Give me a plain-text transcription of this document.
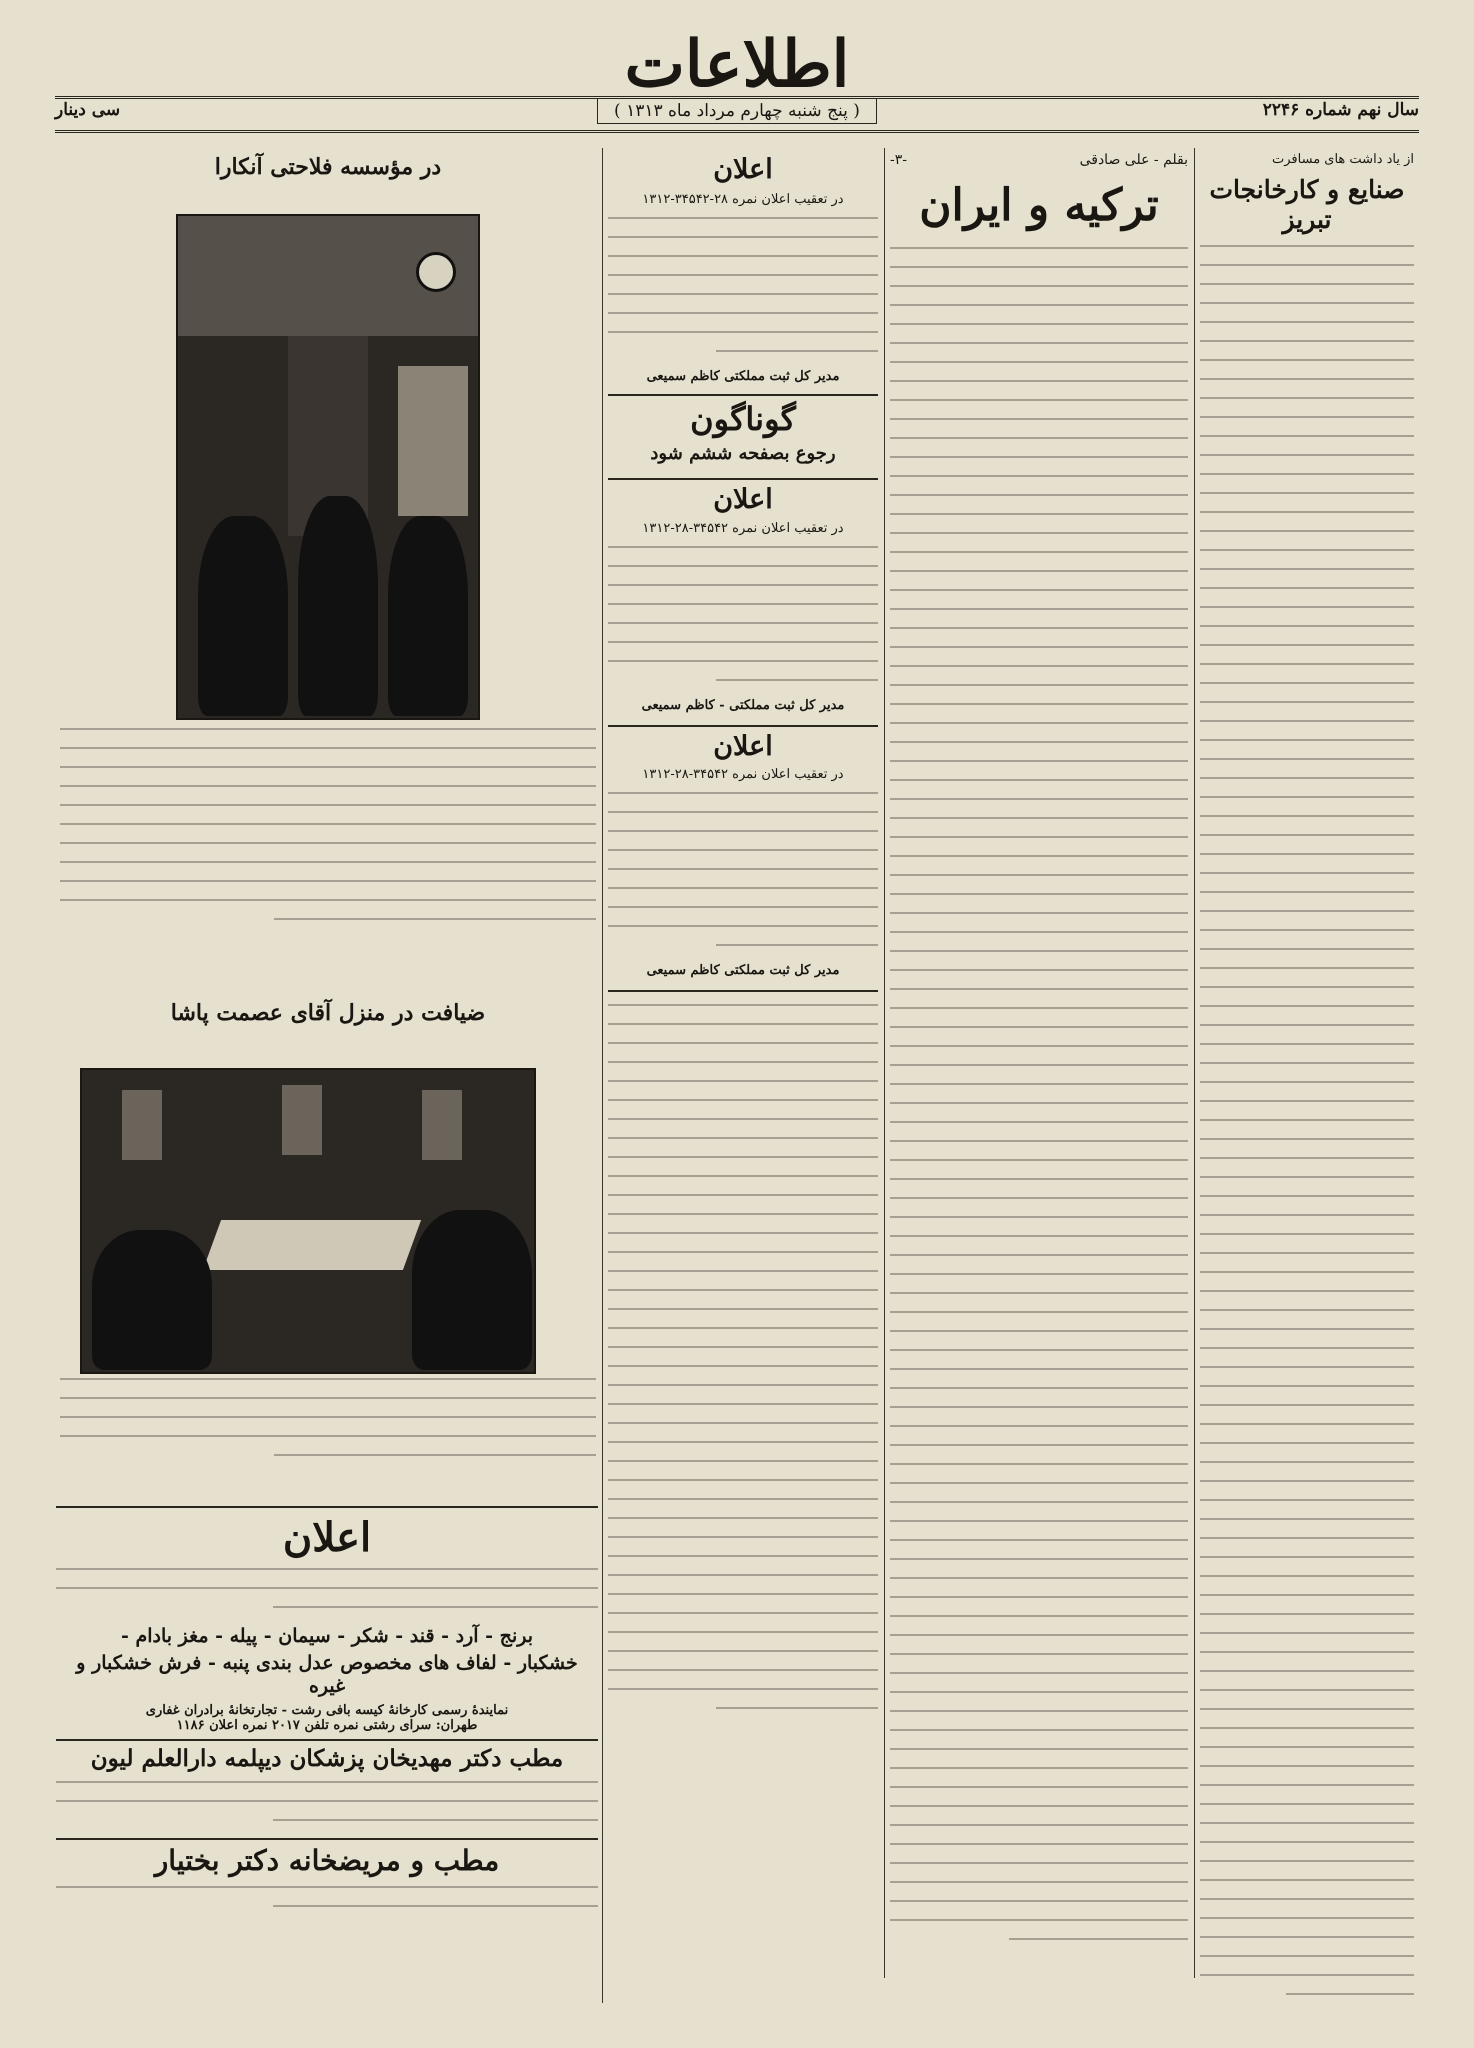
اطلاعات
سال نهم شماره ۲۲۴۶
( پنج شنبه چهارم مرداد ماه ۱۳۱۳ )
سی دینار
از یاد داشت های مسافرت
صنایع و کارخانجات تبریز
بقلم - علی صادقی
-۳-
ترکیه و ایران
اعلان
در تعقیب اعلان نمره ۲۸-۳۴۵۴۲-۱۳۱۲
مدیر کل ثبت مملکتی کاظم سمیعی
گوناگون
رجوع بصفحه ششم شود
اعلان
در تعقیب اعلان نمره ۳۴۵۴۲-۲۸-۱۳۱۲
مدیر کل ثبت مملکتی - کاظم سمیعی
اعلان
در تعقیب اعلان نمره ۳۴۵۴۲-۲۸-۱۳۱۲
مدیر کل ثبت مملکتی کاظم سمیعی
در مؤسسه فلاحتی آنکارا
ضیافت در منزل آقای عصمت پاشا
اعلان
برنج - آرد - قند - شکر - سیمان - پیله - مغز بادام -
خشکبار - لفاف های مخصوص عدل بندی پنبه - فرش خشکبار و غیره
نمایندهٔ رسمی کارخانهٔ کیسه بافی رشت - تجارتخانهٔ برادران غفاری
طهران: سرای رشتی نمره تلفن ۲۰۱۷ نمره اعلان ۱۱۸۶
مطب دکتر مهدیخان پزشکان دیپلمه دارالعلم لیون
مطب و مریضخانه دکتر بختیار
